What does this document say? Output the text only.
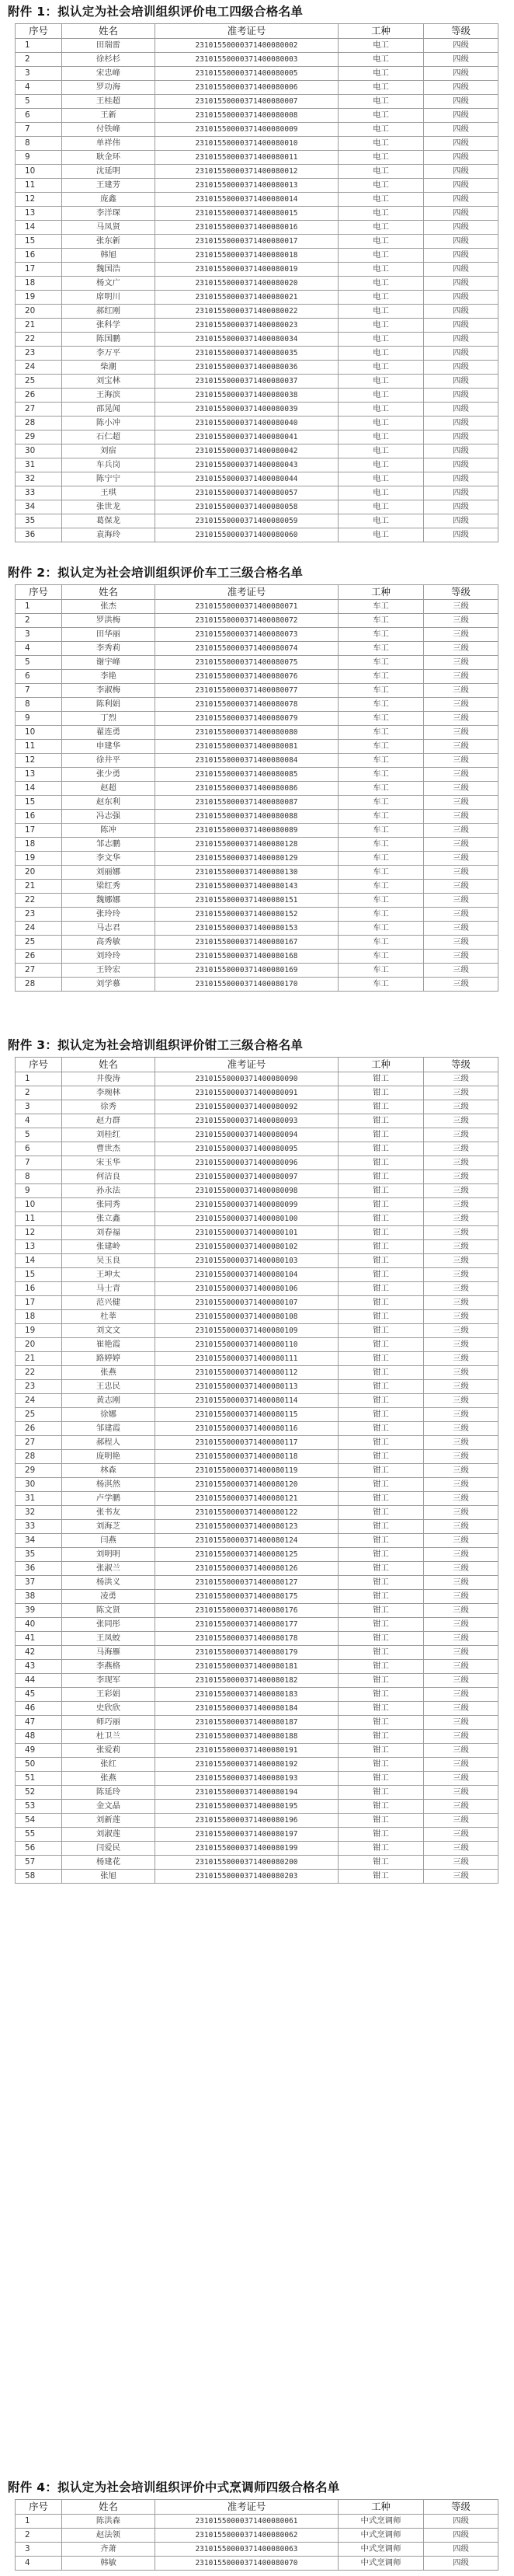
附件 1：拟认定为社会培训组织评价电工四级合格名单
序号	姓名	准考证号	工种	等级
1	田瑞雷	23101550000371400080002	电工	四级
2	徐杉杉	23101550000371400080003	电工	四级
3	宋忠峰	23101550000371400080005	电工	四级
4	罗功海	23101550000371400080006	电工	四级
5	王桂超	23101550000371400080007	电工	四级
6	王新	23101550000371400080008	电工	四级
7	付铁峰	23101550000371400080009	电工	四级
8	单祥伟	23101550000371400080010	电工	四级
9	耿金环	23101550000371400080011	电工	四级
10	沈延明	23101550000371400080012	电工	四级
11	王建芳	23101550000371400080013	电工	四级
12	庞鑫	23101550000371400080014	电工	四级
13	李洋琛	23101550000371400080015	电工	四级
14	马凤贤	23101550000371400080016	电工	四级
15	张东新	23101550000371400080017	电工	四级
16	韩旭	23101550000371400080018	电工	四级
17	魏国浩	23101550000371400080019	电工	四级
18	杨文广	23101550000371400080020	电工	四级
19	席明川	23101550000371400080021	电工	四级
20	郝红刚	23101550000371400080022	电工	四级
21	张科学	23101550000371400080023	电工	四级
22	陈国鹏	23101550000371400080034	电工	四级
23	李万平	23101550000371400080035	电工	四级
24	柴潮	23101550000371400080036	电工	四级
25	刘宝林	23101550000371400080037	电工	四级
26	王海滨	23101550000371400080038	电工	四级
27	邵晃闻	23101550000371400080039	电工	四级
28	陈小冲	23101550000371400080040	电工	四级
29	石仁超	23101550000371400080041	电工	四级
30	刘宿	23101550000371400080042	电工	四级
31	车兵岗	23101550000371400080043	电工	四级
32	陈宁宁	23101550000371400080044	电工	四级
33	王琪	23101550000371400080057	电工	四级
34	张世龙	23101550000371400080058	电工	四级
35	葛保龙	23101550000371400080059	电工	四级
36	袁海玲	23101550000371400080060	电工	四级
附件 2：拟认定为社会培训组织评价车工三级合格名单
序号	姓名	准考证号	工种	等级
1	张杰	23101550000371400080071	车工	三级
2	罗洪梅	23101550000371400080072	车工	三级
3	田华丽	23101550000371400080073	车工	三级
4	李秀莉	23101550000371400080074	车工	三级
5	谢宇峰	23101550000371400080075	车工	三级
6	李艳	23101550000371400080076	车工	三级
7	李淑梅	23101550000371400080077	车工	三级
8	陈利娟	23101550000371400080078	车工	三级
9	丁烈	23101550000371400080079	车工	三级
10	翟连勇	23101550000371400080080	车工	三级
11	申建华	23101550000371400080081	车工	三级
12	徐井平	23101550000371400080084	车工	三级
13	张少勇	23101550000371400080085	车工	三级
14	赵超	23101550000371400080086	车工	三级
15	赵东利	23101550000371400080087	车工	三级
16	冯志强	23101550000371400080088	车工	三级
17	陈冲	23101550000371400080089	车工	三级
18	邹志鹏	23101550000371400080128	车工	三级
19	李文华	23101550000371400080129	车工	三级
20	刘丽娜	23101550000371400080130	车工	三级
21	梁红秀	23101550000371400080143	车工	三级
22	魏娜娜	23101550000371400080151	车工	三级
23	张玲玲	23101550000371400080152	车工	三级
24	马志君	23101550000371400080153	车工	三级
25	高秀敏	23101550000371400080167	车工	三级
26	刘玲玲	23101550000371400080168	车工	三级
27	王铃宏	23101550000371400080169	车工	三级
28	刘学慕	23101550000371400080170	车工	三级
附件 3：拟认定为社会培训组织评价钳工三级合格名单
序号	姓名	准考证号	工种	等级
1	井俊涛	23101550000371400080090	钳工	三级
2	李琬林	23101550000371400080091	钳工	三级
3	徐秀	23101550000371400080092	钳工	三级
4	赵力群	23101550000371400080093	钳工	三级
5	刘桂红	23101550000371400080094	钳工	三级
6	曹世杰	23101550000371400080095	钳工	三级
7	宋玉华	23101550000371400080096	钳工	三级
8	何洁良	23101550000371400080097	钳工	三级
9	孙永法	23101550000371400080098	钳工	三级
10	张同秀	23101550000371400080099	钳工	三级
11	张立鑫	23101550000371400080100	钳工	三级
12	刘春福	23101550000371400080101	钳工	三级
13	张建岭	23101550000371400080102	钳工	三级
14	吴玉良	23101550000371400080103	钳工	三级
15	王坤太	23101550000371400080104	钳工	三级
16	马士青	23101550000371400080106	钳工	三级
17	范兴健	23101550000371400080107	钳工	三级
18	杜莘	23101550000371400080108	钳工	三级
19	刘文文	23101550000371400080109	钳工	三级
20	崔艳霞	23101550000371400080110	钳工	三级
21	路婷婷	23101550000371400080111	钳工	三级
22	张燕	23101550000371400080112	钳工	三级
23	王忠民	23101550000371400080113	钳工	三级
24	黄志刚	23101550000371400080114	钳工	三级
25	徐娜	23101550000371400080115	钳工	三级
26	邹建霞	23101550000371400080116	钳工	三级
27	郝程人	23101550000371400080117	钳工	三级
28	庞明艳	23101550000371400080118	钳工	三级
29	林森	23101550000371400080119	钳工	三级
30	杨淇然	23101550000371400080120	钳工	三级
31	卢学鹏	23101550000371400080121	钳工	三级
32	张书友	23101550000371400080122	钳工	三级
33	刘海芝	23101550000371400080123	钳工	三级
34	闫燕	23101550000371400080124	钳工	三级
35	刘明明	23101550000371400080125	钳工	三级
36	张淑兰	23101550000371400080126	钳工	三级
37	杨洪义	23101550000371400080127	钳工	三级
38	凌勇	23101550000371400080175	钳工	三级
39	陈文贤	23101550000371400080176	钳工	三级
40	张同彤	23101550000371400080177	钳工	三级
41	王凤蛟	23101550000371400080178	钳工	三级
42	马海雁	23101550000371400080179	钳工	三级
43	李燕格	23101550000371400080181	钳工	三级
44	李现军	23101550000371400080182	钳工	三级
45	王彩娟	23101550000371400080183	钳工	三级
46	史欣欣	23101550000371400080184	钳工	三级
47	师巧丽	23101550000371400080187	钳工	三级
48	杜卫兰	23101550000371400080188	钳工	三级
49	张爱莉	23101550000371400080191	钳工	三级
50	张红	23101550000371400080192	钳工	三级
51	张燕	23101550000371400080193	钳工	三级
52	陈延玲	23101550000371400080194	钳工	三级
53	金文晶	23101550000371400080195	钳工	三级
54	刘新莲	23101550000371400080196	钳工	三级
55	刘淑莲	23101550000371400080197	钳工	三级
56	闫爱民	23101550000371400080199	钳工	三级
57	杨建花	23101550000371400080200	钳工	三级
58	张旭	23101550000371400080203	钳工	三级
附件 4：拟认定为社会培训组织评价中式烹调师四级合格名单
序号	姓名	准考证号	工种	等级
1	陈洪森	23101550000371400080061	中式烹调师	四级
2	赵法领	23101550000371400080062	中式烹调师	四级
3	齐萧	23101550000371400080063	中式烹调师	四级
4	韩敏	23101550000371400080070	中式烹调师	四级
